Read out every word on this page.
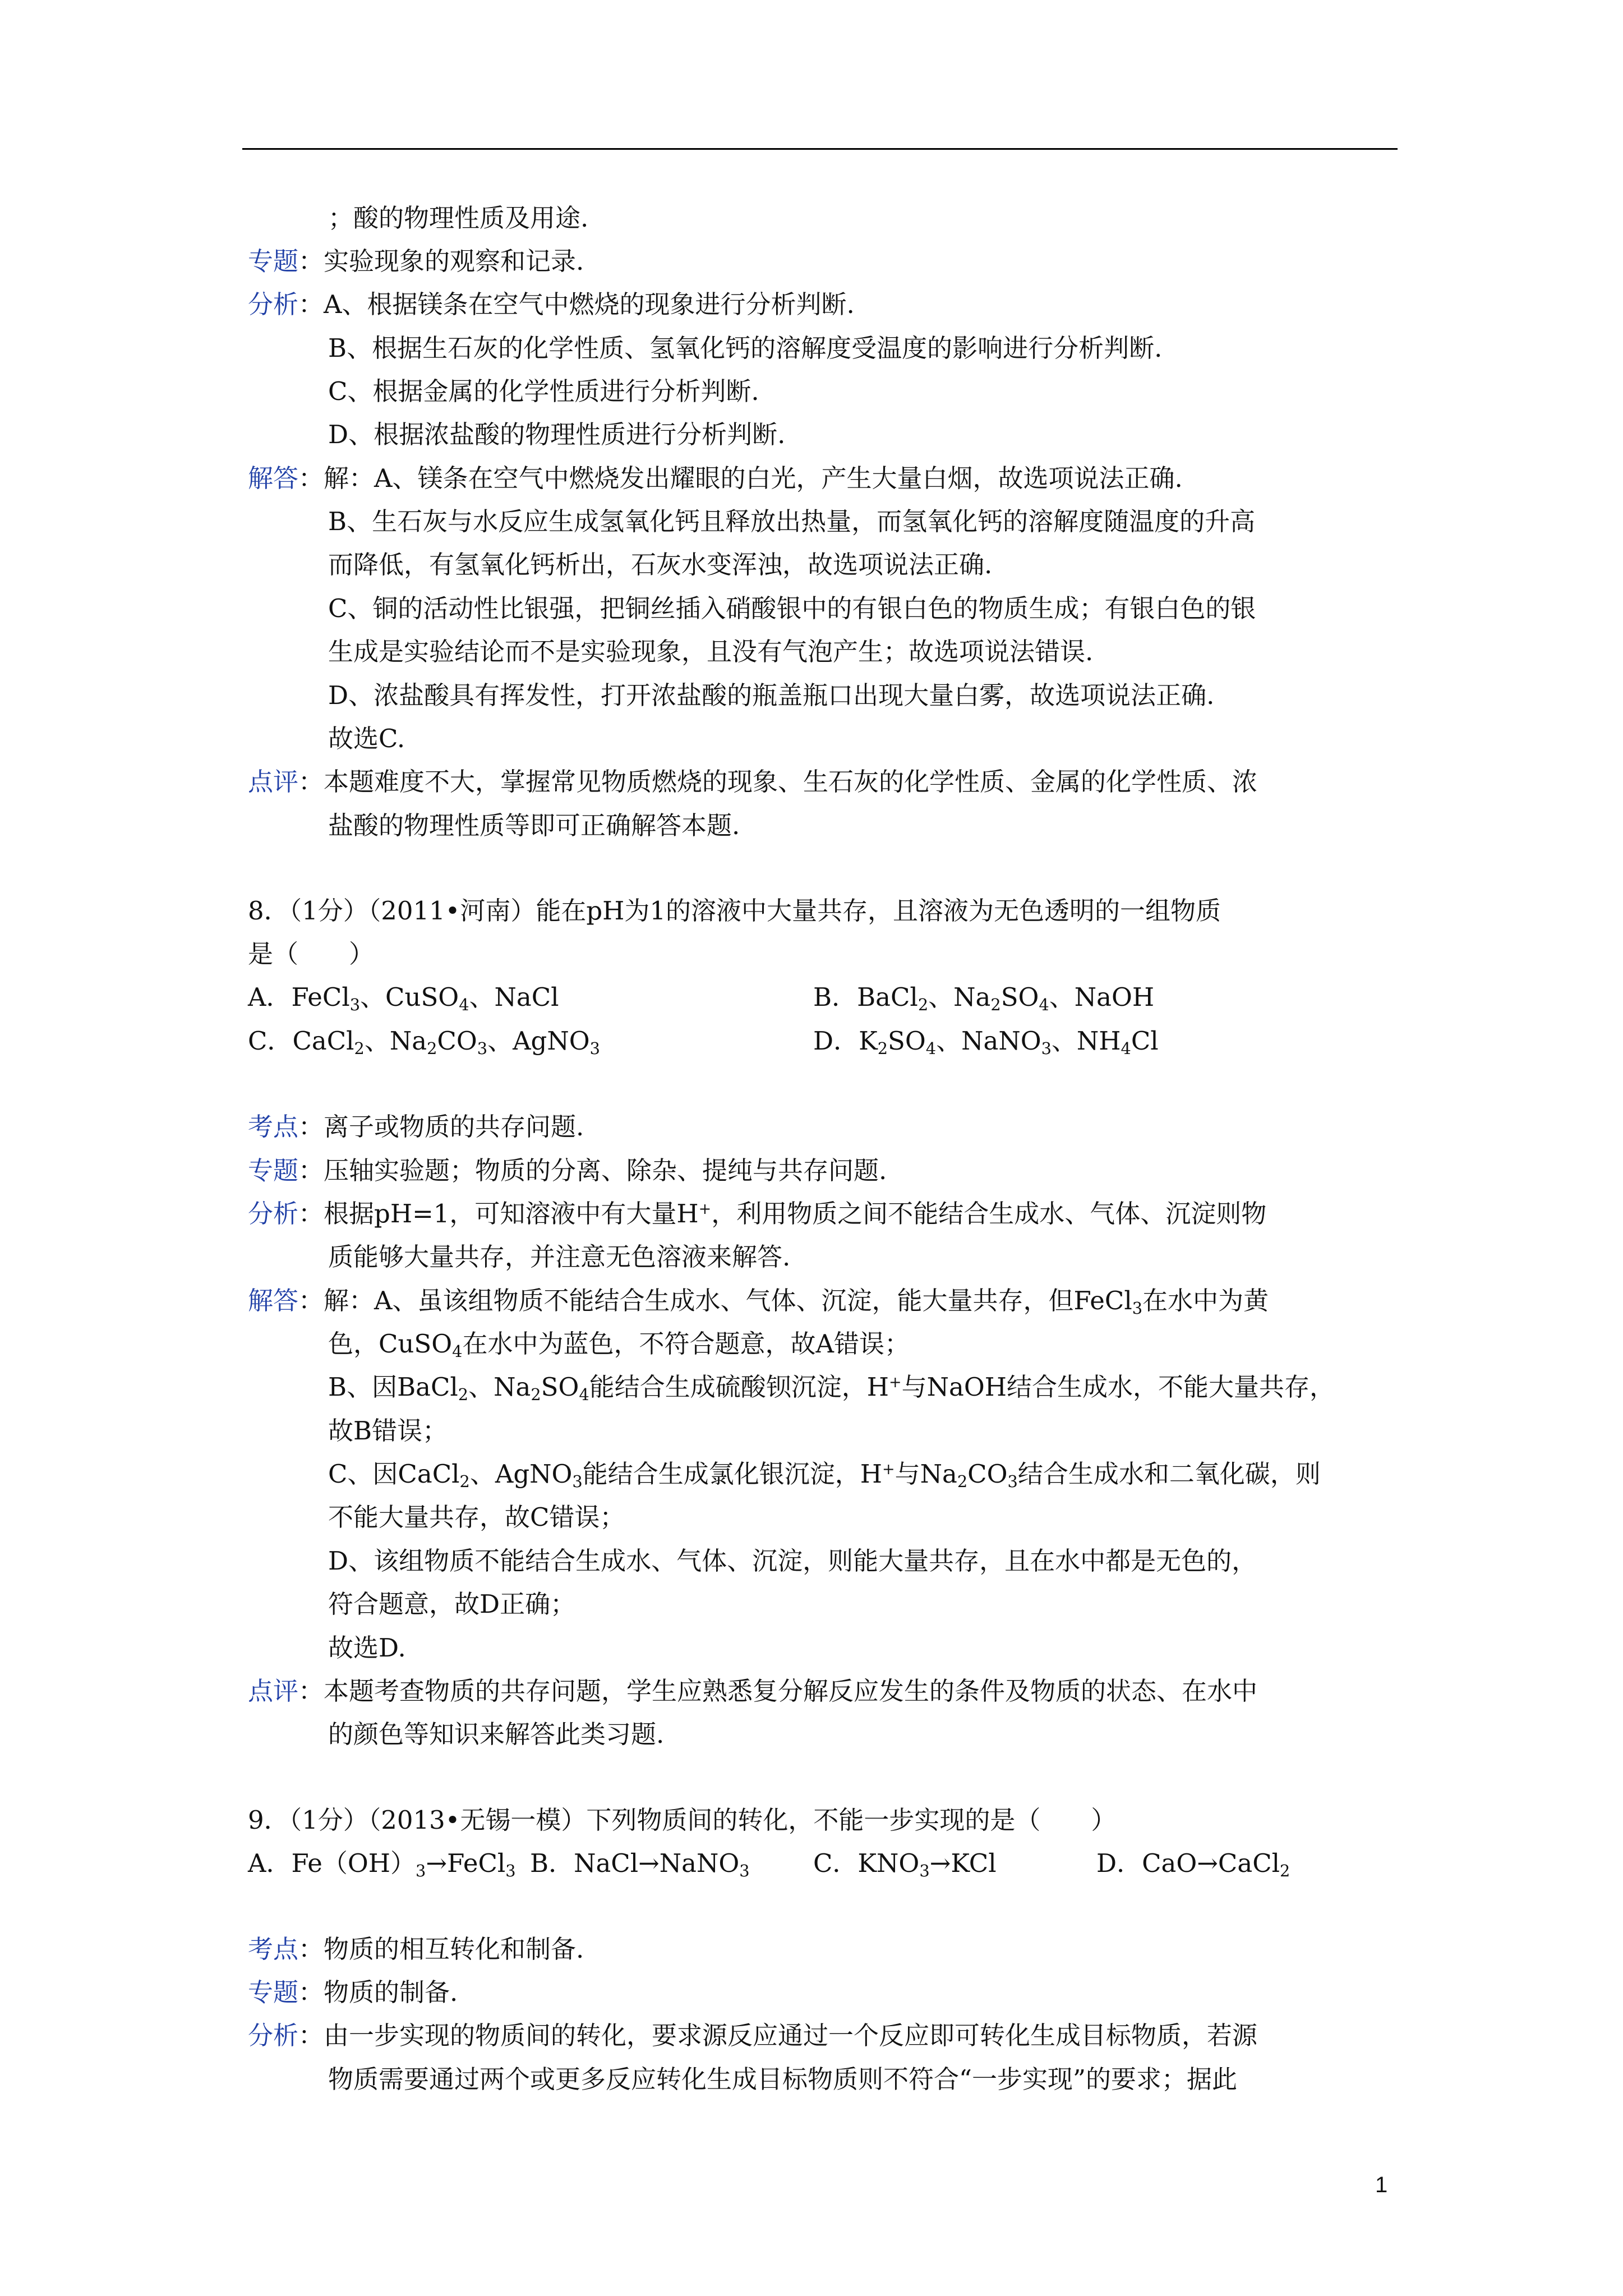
；酸的物理性质及用途.
专题：实验现象的观察和记录.
分析：A、根据镁条在空气中燃烧的现象进行分析判断.
B、根据生石灰的化学性质、氢氧化钙的溶解度受温度的影响进行分析判断.
C、根据金属的化学性质进行分析判断.
D、根据浓盐酸的物理性质进行分析判断.
解答：解：A、镁条在空气中燃烧发出耀眼的白光，产生大量白烟，故选项说法正确.
B、生石灰与水反应生成氢氧化钙且释放出热量，而氢氧化钙的溶解度随温度的升高
而降低，有氢氧化钙析出，石灰水变浑浊，故选项说法正确.
C、铜的活动性比银强，把铜丝插入硝酸银中的有银白色的物质生成；有银白色的银
生成是实验结论而不是实验现象，且没有气泡产生；故选项说法错误.
D、浓盐酸具有挥发性，打开浓盐酸的瓶盖瓶口出现大量白雾，故选项说法正确.
故选C.
点评：本题难度不大，掌握常见物质燃烧的现象、生石灰的化学性质、金属的化学性质、浓
盐酸的物理性质等即可正确解答本题.
8．（1分）（2011•河南）能在pH为1的溶液中大量共存，且溶液为无色透明的一组物质
是（　　）
A．FeCl$_3$、CuSO$_4$、NaCl	B．BaCl$_2$、$Na_2SO_4$、NaOH
C．CaCl$_2$、$Na_2CO_3$、AgNO$_3$	D．$K_2SO_4$、NaNO$_3$、$NH_4Cl$
考点：离子或物质的共存问题.
专题：压轴实验题；物质的分离、除杂、提纯与共存问题.
分析：根据pH=1，可知溶液中有大量H+，利用物质之间不能结合生成水、气体、沉淀则物
质能够大量共存，并注意无色溶液来解答.
解答：解：A、虽该组物质不能结合生成水、气体、沉淀，能大量共存，但FeCl$_3$在水中为黄
色，CuSO$_4$在水中为蓝色，不符合题意，故A错误；
B、因BaCl$_2$、$Na_2SO_4$能结合生成硫酸钡沉淀，H+与NaOH结合生成水，不能大量共存，
故B错误；
C、因CaCl$_2$、AgNO$_3$能结合生成氯化银沉淀，H+与$Na_2CO_3$结合生成水和二氧化碳，则
不能大量共存，故C错误；
D、该组物质不能结合生成水、气体、沉淀，则能大量共存，且在水中都是无色的，
符合题意，故D正确；
故选D.
点评：本题考查物质的共存问题，学生应熟悉复分解反应发生的条件及物质的状态、在水中
的颜色等知识来解答此类习题.
9．（1分）（2013•无锡一模）下列物质间的转化，不能一步实现的是（　　）
A．$Fe(OH)_3\to FeCl_3$ B．NaCl→NaNO$_3$	C．$KNO_3\to KCl$	D．CaO→CaCl$_2$
考点：物质的相互转化和制备.
专题：物质的制备.
分析：由一步实现的物质间的转化，要求源反应通过一个反应即可转化生成目标物质，若源
物质需要通过两个或更多反应转化生成目标物质则不符合“一步实现”的要求；据此
1
